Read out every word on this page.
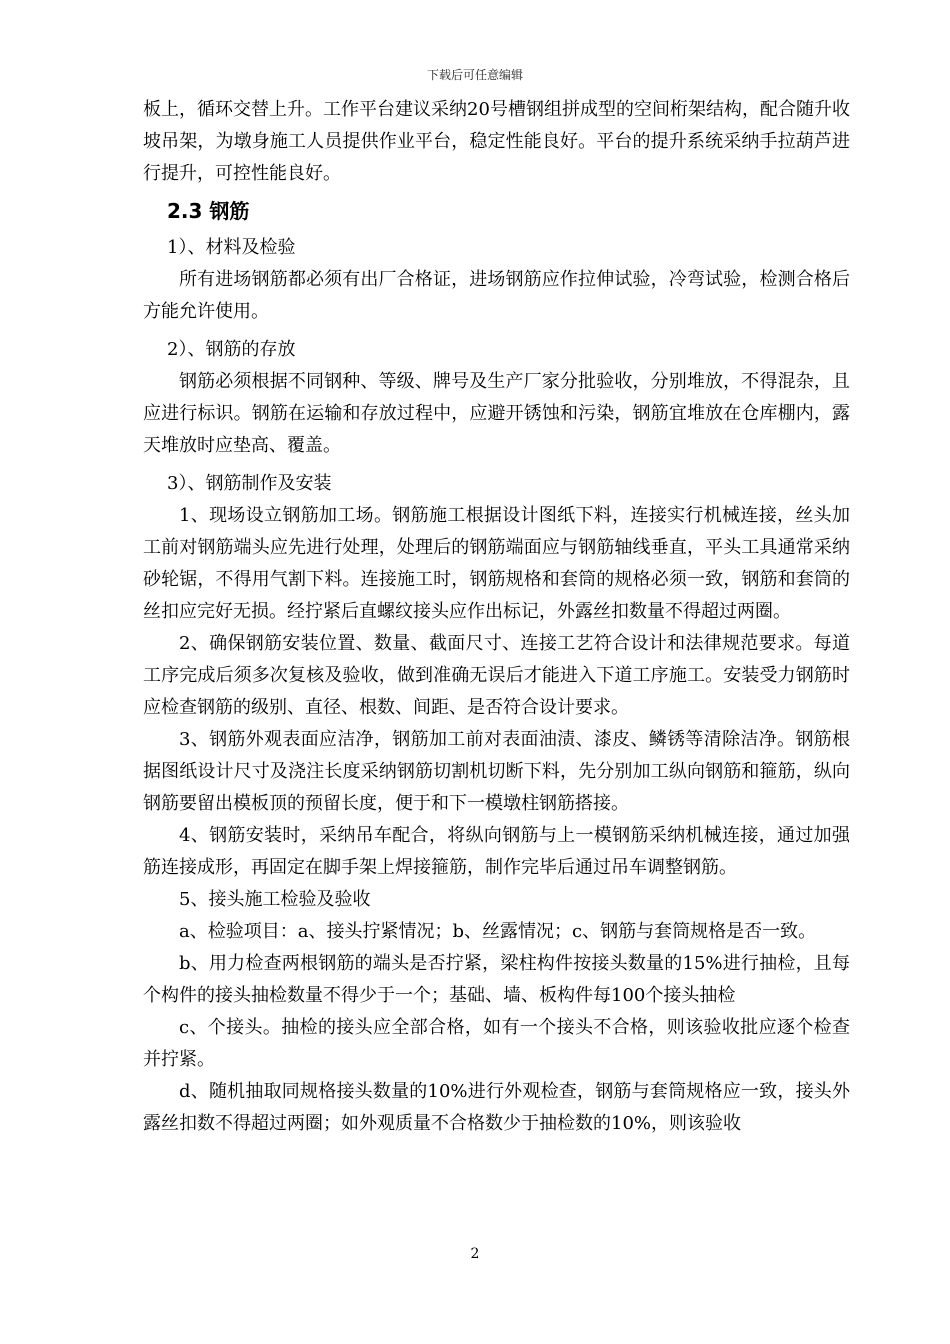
下载后可任意编辑

板上，循环交替上升。工作平台建议采纳20号槽钢组拼成型的空间桁架结构，配合随升收坡吊架，为墩身施工人员提供作业平台，稳定性能良好。平台的提升系统采纳手拉葫芦进行提升，可控性能良好。

2.3 钢筋

1）、材料及检验

所有进场钢筋都必须有出厂合格证，进场钢筋应作拉伸试验，冷弯试验，检测合格后方能允许使用。

2）、钢筋的存放

钢筋必须根据不同钢种、等级、牌号及生产厂家分批验收，分别堆放，不得混杂，且应进行标识。钢筋在运输和存放过程中，应避开锈蚀和污染，钢筋宜堆放在仓库棚内，露天堆放时应垫高、覆盖。

3）、钢筋制作及安装

1、现场设立钢筋加工场。钢筋施工根据设计图纸下料，连接实行机械连接，丝头加工前对钢筋端头应先进行处理，处理后的钢筋端面应与钢筋轴线垂直，平头工具通常采纳砂轮锯，不得用气割下料。连接施工时，钢筋规格和套筒的规格必须一致，钢筋和套筒的丝扣应完好无损。经拧紧后直螺纹接头应作出标记，外露丝扣数量不得超过两圈。

2、确保钢筋安装位置、数量、截面尺寸、连接工艺符合设计和法律规范要求。每道工序完成后须多次复核及验收，做到准确无误后才能进入下道工序施工。安装受力钢筋时应检查钢筋的级别、直径、根数、间距、是否符合设计要求。

3、钢筋外观表面应洁净，钢筋加工前对表面油渍、漆皮、鳞锈等清除洁净。钢筋根据图纸设计尺寸及浇注长度采纳钢筋切割机切断下料，先分别加工纵向钢筋和箍筋，纵向钢筋要留出模板顶的预留长度，便于和下一模墩柱钢筋搭接。

4、钢筋安装时，采纳吊车配合，将纵向钢筋与上一模钢筋采纳机械连接，通过加强筋连接成形，再固定在脚手架上焊接箍筋，制作完毕后通过吊车调整钢筋。

5、接头施工检验及验收

a、检验项目：a、接头拧紧情况；b、丝露情况；c、钢筋与套筒规格是否一致。

b、用力检查两根钢筋的端头是否拧紧，梁柱构件按接头数量的15%进行抽检，且每个构件的接头抽检数量不得少于一个；基础、墙、板构件每100个接头抽检

c、个接头。抽检的接头应全部合格，如有一个接头不合格，则该验收批应逐个检查并拧紧。

d、随机抽取同规格接头数量的10%进行外观检查，钢筋与套筒规格应一致，接头外露丝扣数不得超过两圈；如外观质量不合格数少于抽检数的10%，则该验收

2
